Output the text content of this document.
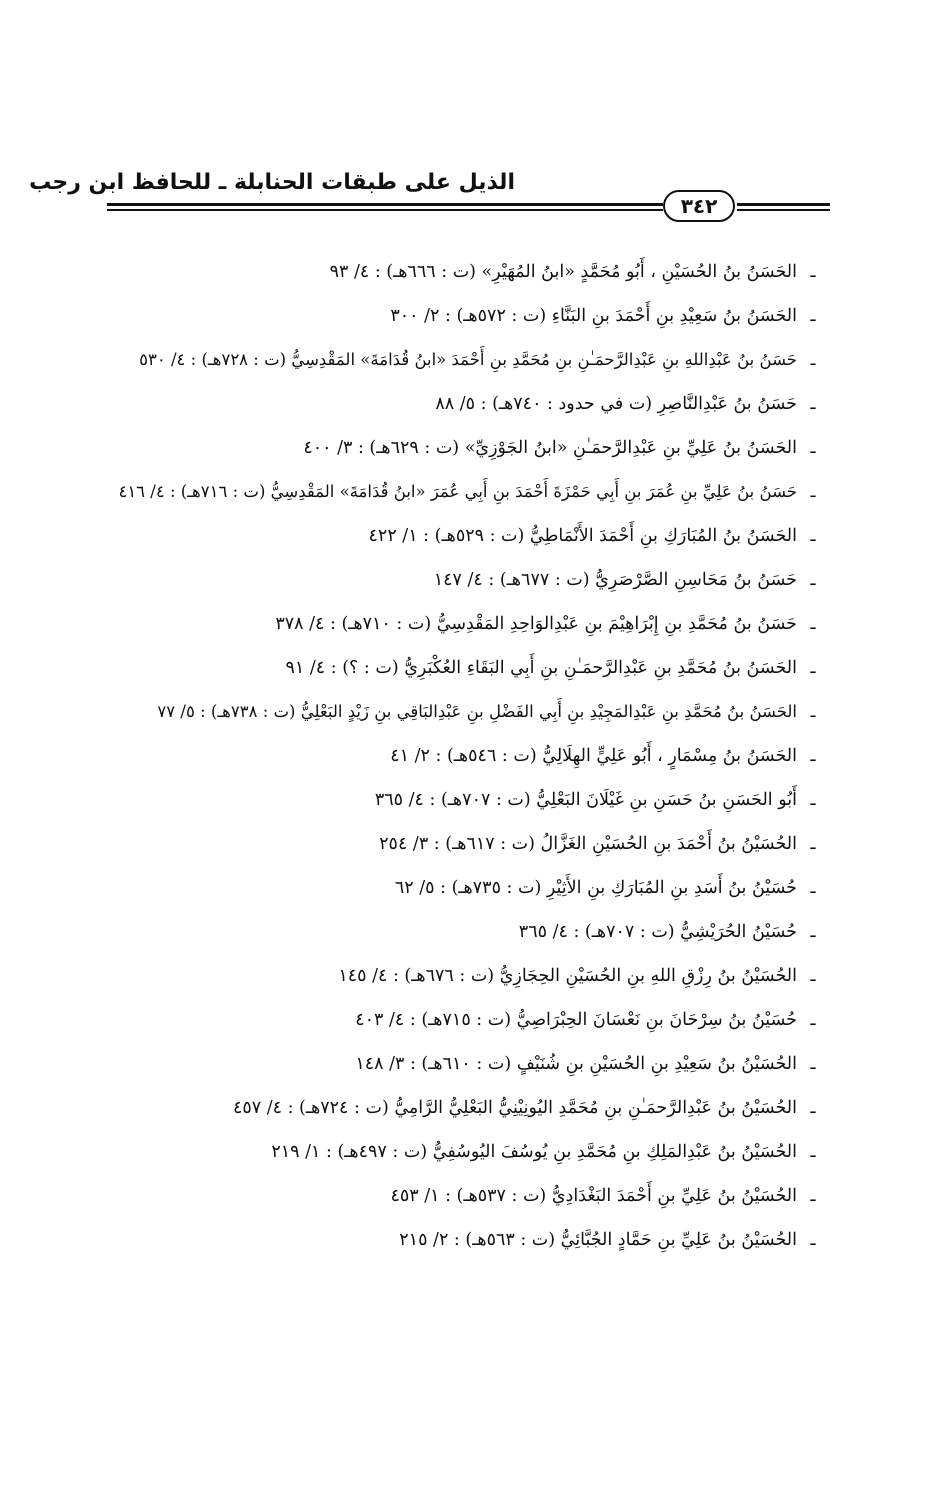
الذيل على طبقات الحنابلة ـ للحافظ ابن رجب
٣٤٢
ـالحَسَنُ بنُ الحُسَيْنِ ، أَبُو مُحَمَّدٍ «ابنُ المُهَيْرِ» (ت : ٦٦٦هـ) : ٤/ ٩٣
ـالحَسَنُ بنُ سَعِيْدِ بنِ أَحْمَدَ بنِ البَنَّاءِ (ت : ٥٧٢هـ) : ٢/ ٣٠٠
ـحَسَنُ بنُ عَبْدِاللهِ بنِ عَبْدِالرَّحمَـٰنِ بنِ مُحَمَّدِ بنِ أَحْمَدَ «ابنُ قُدَامَةَ» المَقْدِسِيُّ (ت : ٧٢٨هـ) : ٤/ ٥٣٠
ـحَسَنُ بنُ عَبْدِالنَّاصِرِ (ت في حدود : ٧٤٠هـ) : ٥/ ٨٨
ـالحَسَنُ بنُ عَلِيِّ بنِ عَبْدِالرَّحمَـٰنِ «ابنُ الجَوْزِيِّ» (ت : ٦٢٩هـ) : ٣/ ٤٠٠
ـحَسَنُ بنُ عَلِيِّ بنِ عُمَرَ بنِ أَبِي حَمْزَةَ أَحْمَدَ بنِ أَبِي عُمَرَ «ابنُ قُدَامَةَ» المَقْدِسِيُّ (ت : ٧١٦هـ) : ٤/ ٤١٦
ـالحَسَنُ بنُ المُبَارَكِ بنِ أَحْمَدَ الأَنْمَاطِيُّ (ت : ٥٢٩هـ) : ١/ ٤٢٢
ـحَسَنُ بنُ مَحَاسِنِ الصَّرْصَرِيُّ (ت : ٦٧٧هـ) : ٤/ ١٤٧
ـحَسَنُ بنُ مُحَمَّدِ بنِ إِبْرَاهِيْمَ بنِ عَبْدِالوَاحِدِ المَقْدِسِيُّ (ت : ٧١٠هـ) : ٤/ ٣٧٨
ـالحَسَنُ بنُ مُحَمَّدِ بنِ عَبْدِالرَّحمَـٰنِ بنِ أَبِي البَقَاءِ العُكْبَرِيُّ (ت : ؟) : ٤/ ٩١
ـالحَسَنُ بنُ مُحَمَّدِ بنِ عَبْدِالمَجِيْدِ بنِ أَبِي الفَضْلِ بنِ عَبْدِالبَاقِي بنِ زَيْدٍ البَعْلِيُّ (ت : ٧٣٨هـ) : ٥/ ٧٧
ـالحَسَنُ بنُ مِسْمَارٍ ، أَبُو عَلِيٍّ الهِلَالِيُّ (ت : ٥٤٦هـ) : ٢/ ٤١
ـأَبُو الحَسَنِ بنُ حَسَنِ بنِ غَيْلَانَ البَعْلِيُّ (ت : ٧٠٧هـ) : ٤/ ٣٦٥
ـالحُسَيْنُ بنُ أَحْمَدَ بنِ الحُسَيْنِ الغَزَّالُ (ت : ٦١٧هـ) : ٣/ ٢٥٤
ـحُسَيْنُ بنُ أَسَدِ بنِ المُبَارَكِ بنِ الأَثِيْرِ (ت : ٧٣٥هـ) : ٥/ ٦٢
ـحُسَيْنُ الحُرَيْشِيُّ (ت : ٧٠٧هـ) : ٤/ ٣٦٥
ـالحُسَيْنُ بنُ رِزْقِ اللهِ بنِ الحُسَيْنِ الحِجَازِيُّ (ت : ٦٧٦هـ) : ٤/ ١٤٥
ـحُسَيْنُ بنُ سِرْحَانَ بنِ نَعْسَانَ الحِبْرَاصِيُّ (ت : ٧١٥هـ) : ٤/ ٤٠٣
ـالحُسَيْنُ بنُ سَعِيْدِ بنِ الحُسَيْنِ بنِ شُنَيْفٍ (ت : ٦١٠هـ) : ٣/ ١٤٨
ـالحُسَيْنُ بنُ عَبْدِالرَّحمَـٰنِ بنِ مُحَمَّدِ اليُونِيْنِيُّ البَعْلِيُّ الرَّامِيُّ (ت : ٧٢٤هـ) : ٤/ ٤٥٧
ـالحُسَيْنُ بنُ عَبْدِالمَلِكِ بنِ مُحَمَّدِ بنِ يُوسُفَ اليُوسُفِيُّ (ت : ٤٩٧هـ) : ١/ ٢١٩
ـالحُسَيْنُ بنُ عَلِيِّ بنِ أَحْمَدَ البَغْدَادِيُّ (ت : ٥٣٧هـ) : ١/ ٤٥٣
ـالحُسَيْنُ بنُ عَلِيِّ بنِ حَمَّادٍ الجُبَّائِيُّ (ت : ٥٦٣هـ) : ٢/ ٢١٥
